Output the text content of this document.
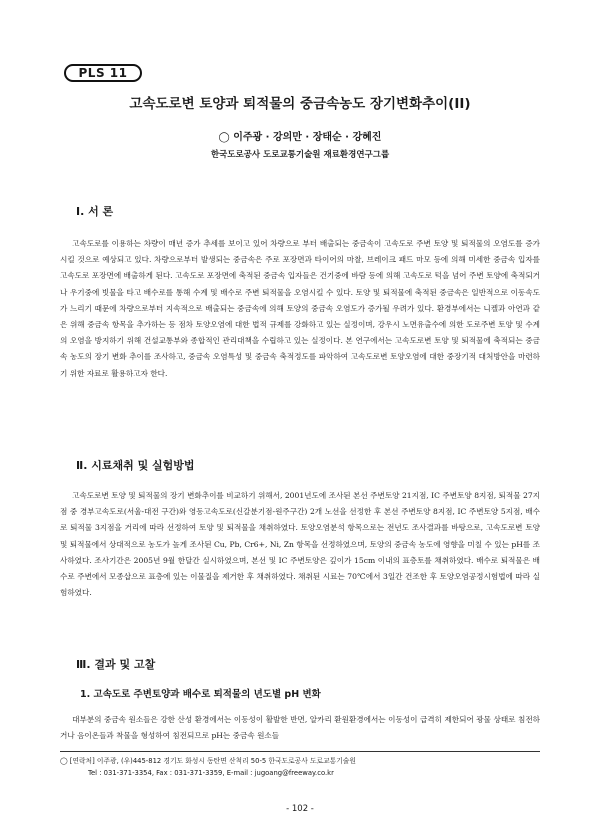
PLS 11
고속도로변 토양과 퇴적물의 중금속농도 장기변화추이(II)
◯ 이주광 · 강의만 · 장태순 · 강혜진
한국도로공사 도로교통기술원 재료환경연구그룹
Ⅰ. 서 론

고속도로를 이용하는 차량이 매년 증가 추세를 보이고 있어 차량으로 부터 배출되는 중금속이 고속도로 주변 토양 및 퇴적물의 오염도를 증가시킬 것으로 예상되고 있다. 차량으로부터 발생되는 중금속은 주로 포장면과 타이어의 마찰, 브레이크 패드 마모 등에 의해 미세한 중금속 입자를 고속도로 포장면에 배출하게 된다. 고속도로 포장면에 축적된 중금속 입자들은 건기중에 바람 등에 의해 고속도로 턱을 넘어 주변 토양에 축적되거나 우기중에 빗물을 타고 배수로를 통해 수계 및 배수로 주변 퇴적물을 오염시킬 수 있다. 토양 및 퇴적물에 축적된 중금속은 일반적으로 이동속도가 느리기 때문에 차량으로부터 지속적으로 배출되는 중금속에 의해 토양의 중금속 오염도가 증가될 우려가 있다. 환경부에서는 니켈과 아연과 같은 위해 중금속 항목을 추가하는 등 점차 토양오염에 대한 법적 규제를 강화하고 있는 실정이며, 강우시 노면유출수에 의한 도로주변 토양 및 수계의 오염을 방지하기 위해 건설교통부와 종합적인 관리대책을 수립하고 있는 실정이다. 본 연구에서는 고속도로변 토양 및 퇴적물에 축적되는 중금속 농도의 장기 변화 추이를 조사하고, 중금속 오염특성 및 중금속 축적정도를 파악하여 고속도로변 토양오염에 대한 중장기적 대처방안을 마련하기 위한 자료로 활용하고자 한다.

Ⅱ. 시료채취 및 실험방법

고속도로변 토양 및 퇴적물의 장기 변화추이를 비교하기 위해서, 2001년도에 조사된 본선 주변토양 21지점, IC 주변토양 8지점, 퇴적물 27지점 중 경부고속도로(서울-대전 구간)와 영동고속도로(신갈분기점-원주구간) 2개 노선을 선정한 후 본선 주변토양 8지점, IC 주변토양 5지점, 배수로 퇴적물 3지점을 거리에 따라 선정하여 토양 및 퇴적물을 채취하였다. 토양오염분석 항목으로는 전년도 조사결과를 바탕으로, 고속도로변 토양 및 퇴적물에서 상대적으로 농도가 높게 조사된 Cu, Pb, Cr6+, Ni, Zn 항목을 선정하였으며, 토양의 중금속 농도에 영향을 미칠 수 있는 pH를 조사하였다. 조사기간은 2005년 9월 한달간 실시하였으며, 본선 및 IC 주변토양은 깊이가 15cm 이내의 표층토를 채취하였다. 배수로 퇴적물은 배수로 주변에서 모종삽으로 표층에 있는 이물질을 제거한 후 채취하였다. 채취된 시료는 70℃에서 3일간 건조한 후 토양오염공정시험법에 따라 실험하였다.

Ⅲ. 결과 및 고찰
1. 고속도로 주변토양과 배수로 퇴적물의 년도별 pH 변화

대부분의 중금속 원소들은 강한 산성 환경에서는 이동성이 활발한 반면, 알카리 환원환경에서는 이동성이 급격히 제한되어 광물 상태로 침전하거나 음이온들과 착물을 형성하여 침전되므로 pH는 중금속 원소들

◯ [연락처] 이주광, (우)445-812 경기도 화성시 동탄면 산척리 50-5 한국도로공사 도로교통기술원

Tel : 031-371-3354, Fax : 031-371-3359, E-mail : jugoang@freeway.co.kr

- 102 -
